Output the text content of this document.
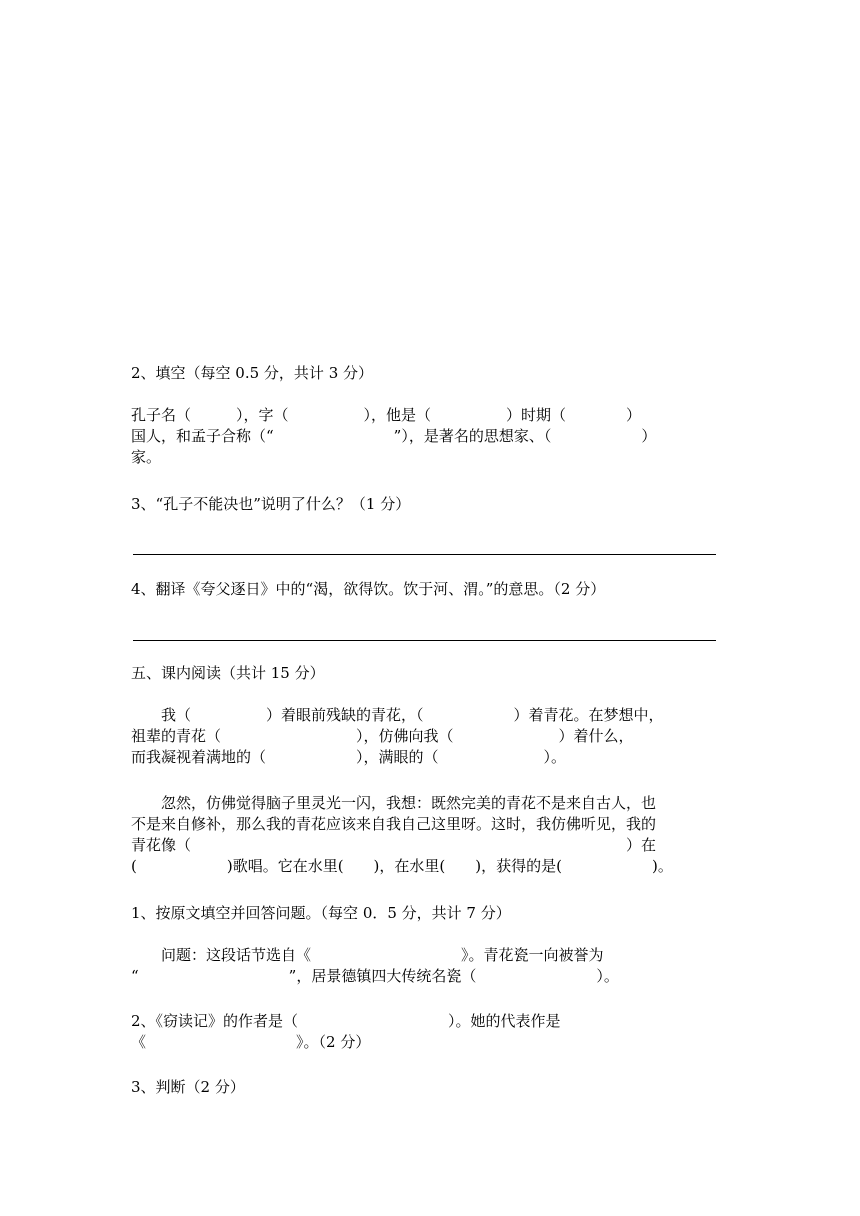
2、填空（每空 0.5 分，共计 3 分）
孔子名（　　　），字（　　　　　），他是（　　　　　）时期（　　　　）
国人，和孟子合称（“　　　　　　　　”），是著名的思想家、（　　　　　　）
家。
3、“孔子不能决也”说明了什么？（1 分）
4、翻译《夸父逐日》中的“渴，欲得饮。饮于河、渭。”的意思。（2 分）
五、课内阅读（共计 15 分）
　　我（　　　　　）着眼前残缺的青花，（　　　　　　）着青花。在梦想中，
祖辈的青花（　　　　　　　　　），仿佛向我（　　　　　　　）着什么，
而我凝视着满地的（　　　　　　），满眼的（　　　　　　　）。
　　忽然，仿佛觉得脑子里灵光一闪，我想：既然完美的青花不是来自古人，也
不是来自修补，那么我的青花应该来自我自己这里呀。这时，我仿佛听见，我的
青花像（　　　　　　　　　　　　　　　　　　　　　　　　　　　　　）在
(　　　　　　)歌唱。它在水里(　　)，在水里(　　)，获得的是(　　　　　　)。
1、按原文填空并回答问题。（每空 0．5 分，共计 7 分）
　　问题：这段话节选自《　　　　　　　　　　》。青花瓷一向被誉为
“　　　　　　　　　　”，居景德镇四大传统名瓷（　　　　　　　　）。
2、《窃读记》的作者是（　　　　　　　　　　）。她的代表作是
《　　　　　　　　　　》。（2 分）
3、判断（2 分）
